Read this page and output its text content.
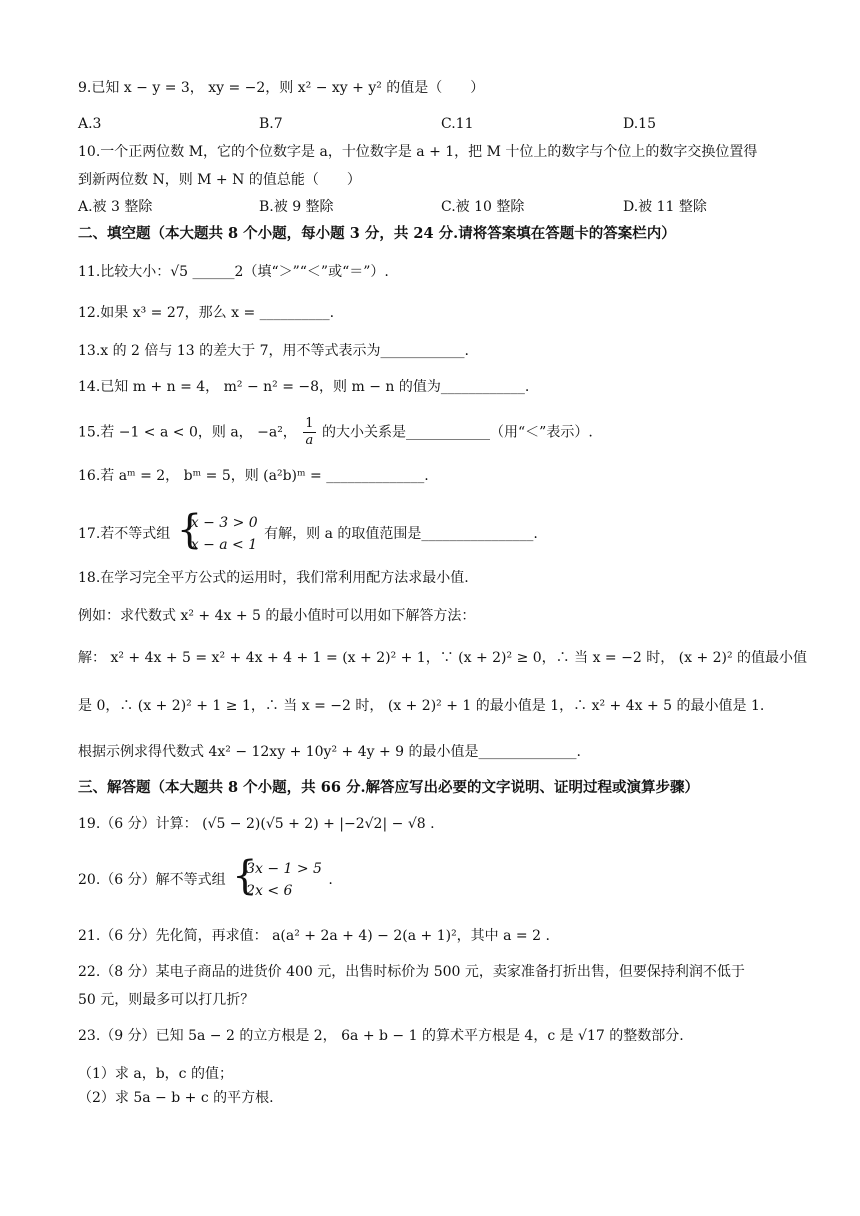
9.已知 x − y = 3， xy = −2，则 x² − xy + y² 的值是（　　）
A.3	B.7	C.11	D.15
10.一个正两位数 M，它的个位数字是 a，十位数字是 a + 1，把 M 十位上的数字与个位上的数字交换位置得
到新两位数 N，则 M + N 的值总能（　　）
A.被 3 整除	B.被 9 整除	C.被 10 整除	D.被 11 整除
二、填空题（本大题共 8 个小题，每小题 3 分，共 24 分.请将答案填在答题卡的答案栏内）
11.比较大小：√5 ______2（填“＞”“＜”或“＝”）.
12.如果 x³ = 27，那么 x = __________.
13.x 的 2 倍与 13 的差大于 7，用不等式表示为____________.
14.已知 m + n = 4， m² − n² = −8，则 m − n 的值为____________.
15.若 −1 < a < 0，则 a， −a²， $\frac{1}{a}$ 的大小关系是____________（用“＜”表示）.
16.若 aᵐ = 2， bᵐ = 5，则 (a²b)ᵐ = ______________.
17.若不等式组 {
x − 3 > 0
x − a < 1
有解，则 a 的取值范围是________________.
18.在学习完全平方公式的运用时，我们常利用配方法求最小值.
例如：求代数式 x² + 4x + 5 的最小值时可以用如下解答方法：
解： x² + 4x + 5 = x² + 4x + 4 + 1 = (x + 2)² + 1，∵ (x + 2)² ≥ 0，∴ 当 x = −2 时， (x + 2)² 的值最小值
是 0，∴ (x + 2)² + 1 ≥ 1，∴ 当 x = −2 时， (x + 2)² + 1 的最小值是 1，∴ x² + 4x + 5 的最小值是 1.
根据示例求得代数式 4x² − 12xy + 10y² + 4y + 9 的最小值是______________.
三、解答题（本大题共 8 个小题，共 66 分.解答应写出必要的文字说明、证明过程或演算步骤）
19.（6 分）计算： (√5 − 2)(√5 + 2) + |−2√2| − √8 .
20.（6 分）解不等式组 {
3x − 1 > 5
2x < 6
.
21.（6 分）先化简，再求值： a(a² + 2a + 4) − 2(a + 1)²，其中 a = 2 .
22.（8 分）某电子商品的进货价 400 元，出售时标价为 500 元，卖家准备打折出售，但要保持利润不低于
50 元，则最多可以打几折？
23.（9 分）已知 5a − 2 的立方根是 2， 6a + b − 1 的算术平方根是 4，c 是 √17 的整数部分.
（1）求 a，b，c 的值；
（2）求 5a − b + c 的平方根.
